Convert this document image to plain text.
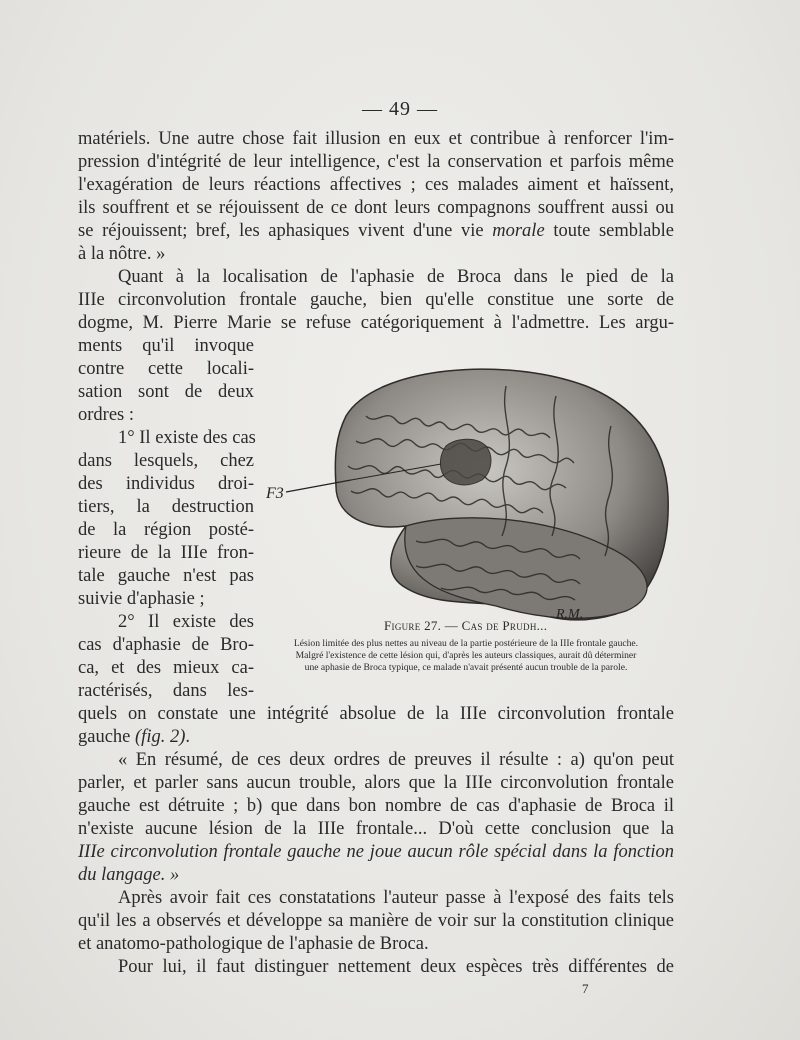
— 49 —
matériels. Une autre chose fait illusion en eux et contribue à renforcer l'im-
pression d'intégrité de leur intelligence, c'est la conservation et parfois même
l'exagération de leurs réactions affectives ; ces malades aiment et haïssent,
ils souffrent et se réjouissent de ce dont leurs compagnons souffrent aussi ou
se réjouissent; bref, les aphasiques vivent d'une vie morale toute semblable
à la nôtre. »
Quant à la localisation de l'aphasie de Broca dans le pied de la
IIIe circonvolution frontale gauche, bien qu'elle constitue une sorte de
dogme, M. Pierre Marie se refuse catégoriquement à l'admettre. Les argu-
ments qu'il invoque
contre cette locali-
sation sont de deux
ordres :
1° Il existe des cas
dans lesquels, chez
des individus droi-
tiers, la destruction
de la région posté-
rieure de la IIIe fron-
tale gauche n'est pas
suivie d'aphasie ;
2° Il existe des
cas d'aphasie de Bro-
ca, et des mieux ca-
ractérisés, dans les-
quels on constate une intégrité absolue de la IIIe circonvolution frontale
gauche (fig. 2).
« En résumé, de ces deux ordres de preuves il résulte : a) qu'on peut
parler, et parler sans aucun trouble, alors que la IIIe circonvolution frontale
gauche est détruite ; b) que dans bon nombre de cas d'aphasie de Broca il
n'existe aucune lésion de la IIIe frontale... D'où cette conclusion que la
IIIe circonvolution frontale gauche ne joue aucun rôle spécial dans la fonction
du langage. »
Après avoir fait ces constatations l'auteur passe à l'exposé des faits tels
qu'il les a observés et développe sa manière de voir sur la constitution clinique
et anatomo-pathologique de l'aphasie de Broca.
Pour lui, il faut distinguer nettement deux espèces très différentes de
F3
R.M.
Figure 27. — Cas de Prudh...
Lésion limitée des plus nettes au niveau de la partie postérieure de la IIIe frontale gauche.
Malgré l'existence de cette lésion qui, d'après les auteurs classiques, aurait dû déterminer
une aphasie de Broca typique, ce malade n'avait présenté aucun trouble de la parole.
7
